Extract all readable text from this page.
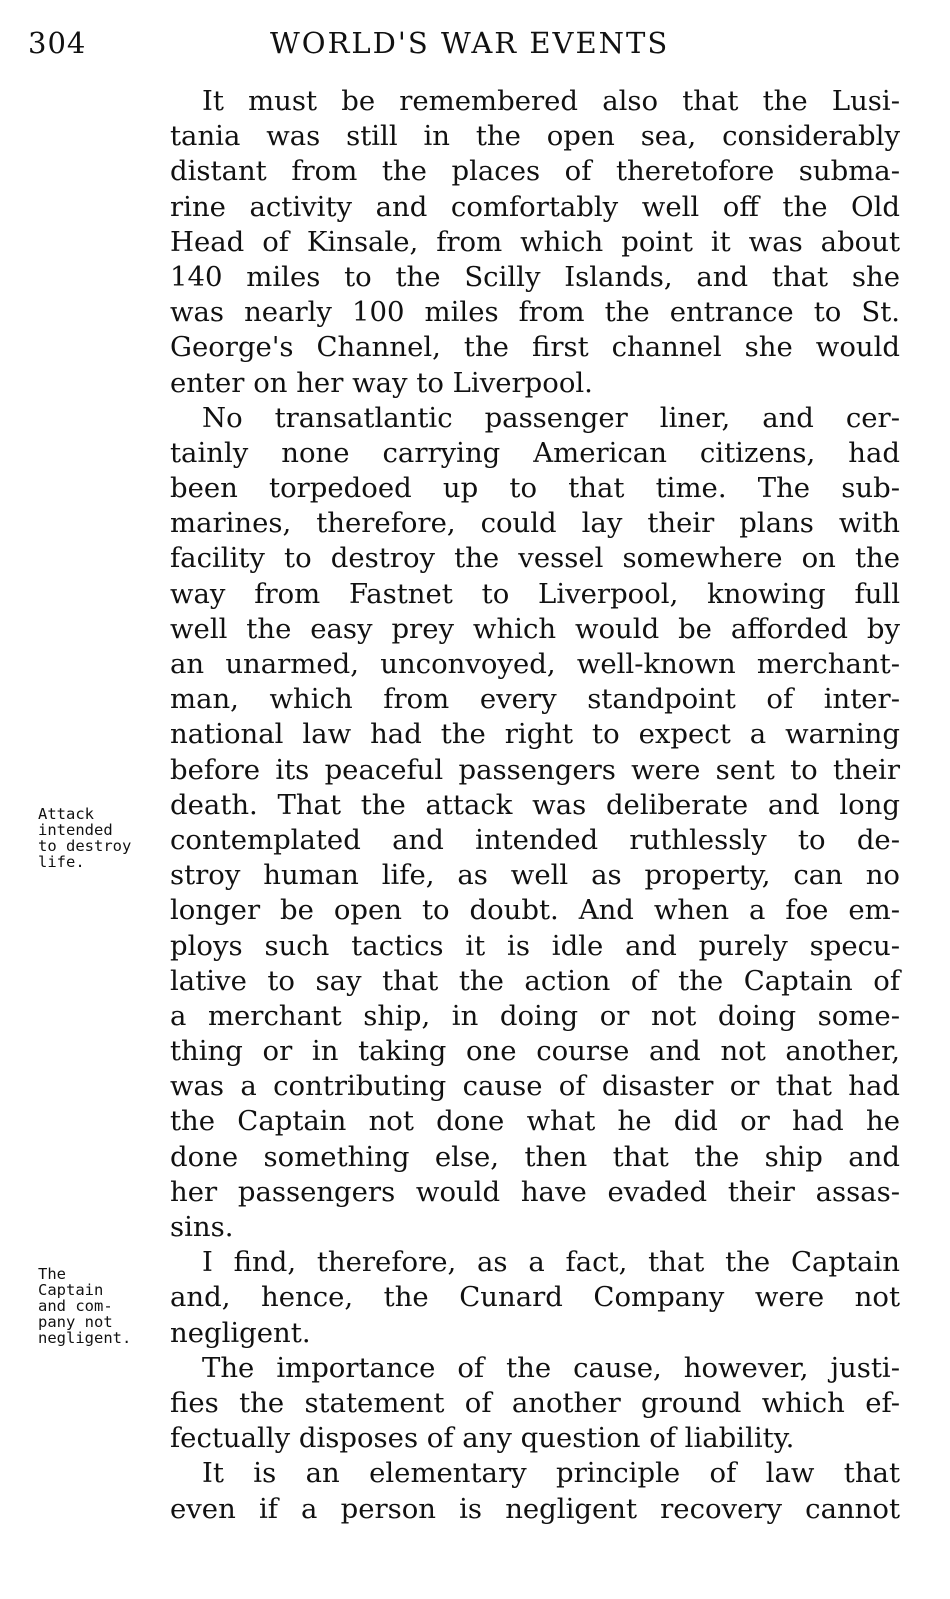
304	WORLD'S WAR EVENTS
Attack
intended
to destroy
life.
The
Captain
and com-
pany not
negligent.
It must be remembered also that the Lusi-
tania was still in the open sea, considerably
distant from the places of theretofore subma-
rine activity and comfortably well off the Old
Head of Kinsale, from which point it was about
140 miles to the Scilly Islands, and that she
was nearly 100 miles from the entrance to St.
George's Channel, the first channel she would
enter on her way to Liverpool.
No transatlantic passenger liner, and cer-
tainly none carrying American citizens, had
been torpedoed up to that time. The sub-
marines, therefore, could lay their plans with
facility to destroy the vessel somewhere on the
way from Fastnet to Liverpool, knowing full
well the easy prey which would be afforded by
an unarmed, unconvoyed, well-known merchant-
man, which from every standpoint of inter-
national law had the right to expect a warning
before its peaceful passengers were sent to their
death. That the attack was deliberate and long
contemplated and intended ruthlessly to de-
stroy human life, as well as property, can no
longer be open to doubt. And when a foe em-
ploys such tactics it is idle and purely specu-
lative to say that the action of the Captain of
a merchant ship, in doing or not doing some-
thing or in taking one course and not another,
was a contributing cause of disaster or that had
the Captain not done what he did or had he
done something else, then that the ship and
her passengers would have evaded their assas-
sins.
I find, therefore, as a fact, that the Captain
and, hence, the Cunard Company were not
negligent.
The importance of the cause, however, justi-
fies the statement of another ground which ef-
fectually disposes of any question of liability.
It is an elementary principle of law that
even if a person is negligent recovery cannot
